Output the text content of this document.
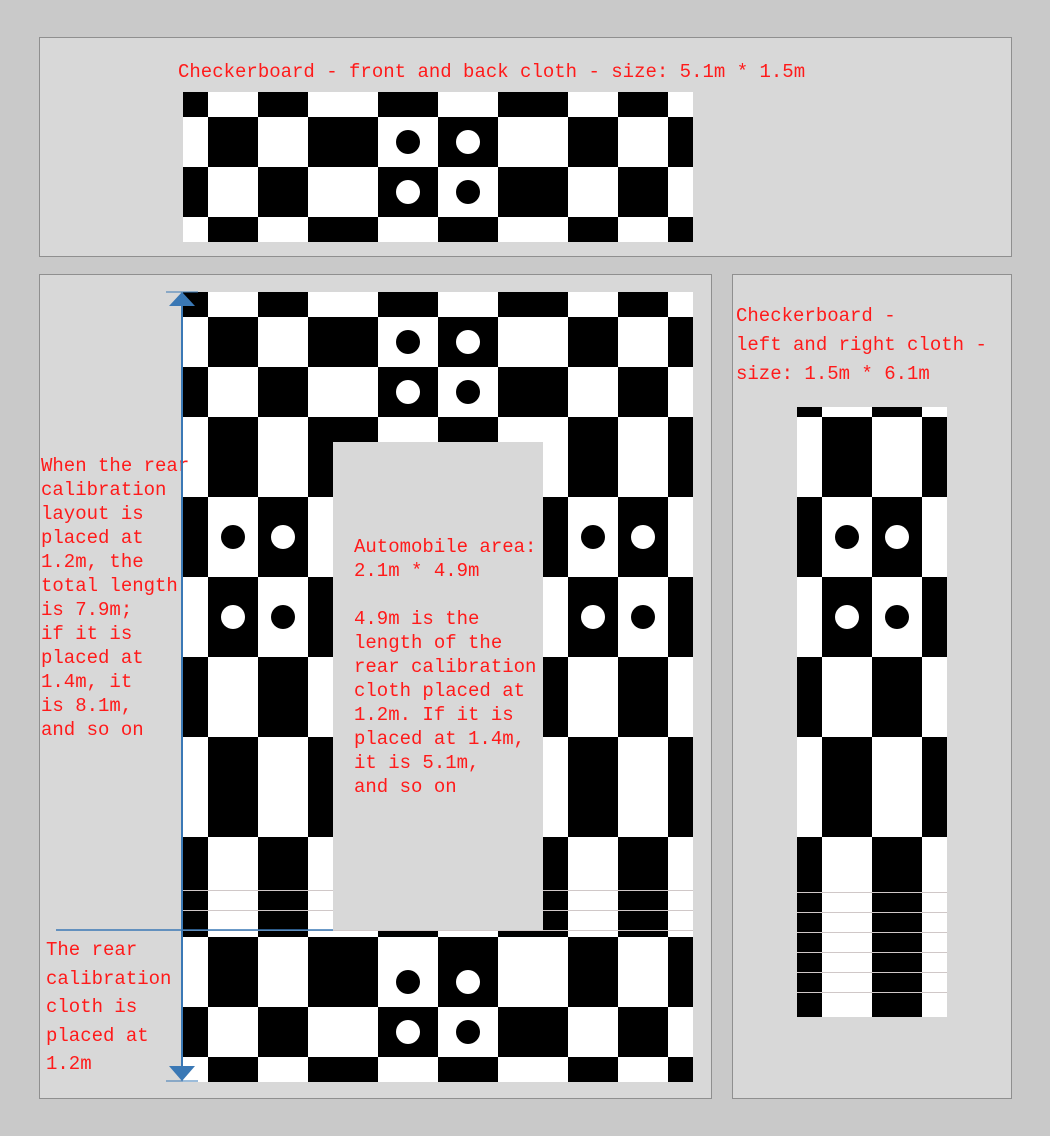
Checkerboard - front and back cloth - size: 5.1m * 1.5m
Automobile area:
2.1m * 4.9m
4.9m is the
length of the
rear calibration
cloth placed at
1.2m. If it is
placed at 1.4m,
it is 5.1m,
and so on
When the rear
calibration
layout is
placed at
1.2m, the
total length
is 7.9m;
if it is
placed at
1.4m, it
is 8.1m,
and so on
The rear
calibration
cloth is
placed at
1.2m
Checkerboard -
left and right cloth -
size: 1.5m * 6.1m
